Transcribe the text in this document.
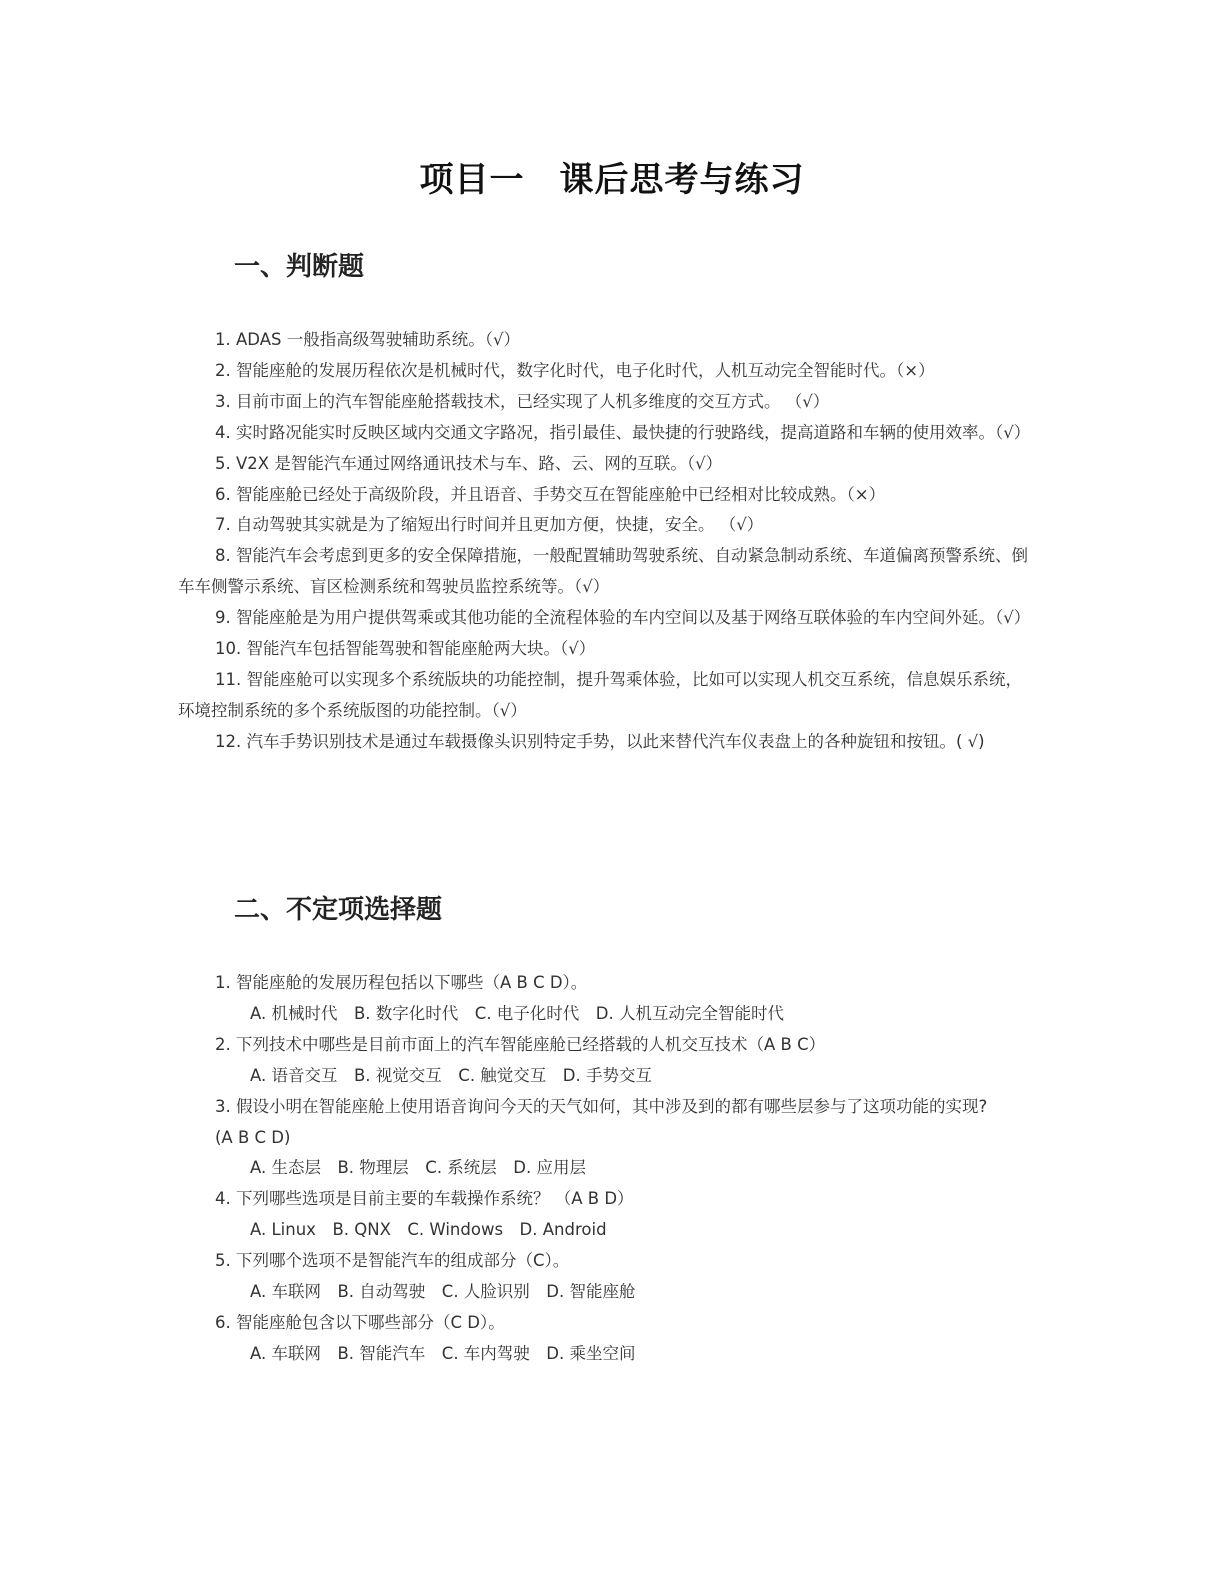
项目一　课后思考与练习
一、判断题

1. ADAS 一般指高级驾驶辅助系统。（√）

2. 智能座舱的发展历程依次是机械时代，数字化时代，电子化时代，人机互动完全智能时代。（×）

3. 目前市面上的汽车智能座舱搭载技术，已经实现了人机多维度的交互方式。 （√）

4. 实时路况能实时反映区域内交通文字路况，指引最佳、最快捷的行驶路线，提高道路和车辆的使用效率。（√）

5. V2X 是智能汽车通过网络通讯技术与车、路、云、网的互联。（√）

6. 智能座舱已经处于高级阶段，并且语音、手势交互在智能座舱中已经相对比较成熟。（×）

7. 自动驾驶其实就是为了缩短出行时间并且更加方便，快捷，安全。 （√）

8. 智能汽车会考虑到更多的安全保障措施，一般配置辅助驾驶系统、自动紧急制动系统、车道偏离预警系统、倒车车侧警示系统、盲区检测系统和驾驶员监控系统等。（√）

9. 智能座舱是为用户提供驾乘或其他功能的全流程体验的车内空间以及基于网络互联体验的车内空间外延。（√）

10. 智能汽车包括智能驾驶和智能座舱两大块。（√）

11. 智能座舱可以实现多个系统版块的功能控制，提升驾乘体验，比如可以实现人机交互系统，信息娱乐系统，环境控制系统的多个系统版图的功能控制。（√）

12. 汽车手势识别技术是通过车载摄像头识别特定手势，以此来替代汽车仪表盘上的各种旋钮和按钮。( √)

二、不定项选择题

1. 智能座舱的发展历程包括以下哪些（A B C D）。

A. 机械时代　B. 数字化时代　C. 电子化时代　D. 人机互动完全智能时代

2. 下列技术中哪些是目前市面上的汽车智能座舱已经搭载的人机交互技术（A B C）

A. 语音交互　B. 视觉交互　C. 触觉交互　D. 手势交互

3. 假设小明在智能座舱上使用语音询问今天的天气如何，其中涉及到的都有哪些层参与了这项功能的实现?

(A B C D)

A. 生态层　B. 物理层　C. 系统层　D. 应用层

4. 下列哪些选项是目前主要的车载操作系统？ （A B D）

A. Linux　B. QNX　C. Windows　D. Android

5. 下列哪个选项不是智能汽车的组成部分（C）。

A. 车联网　B. 自动驾驶　C. 人脸识别　D. 智能座舱

6. 智能座舱包含以下哪些部分（C D）。

A. 车联网　B. 智能汽车　C. 车内驾驶　D. 乘坐空间
